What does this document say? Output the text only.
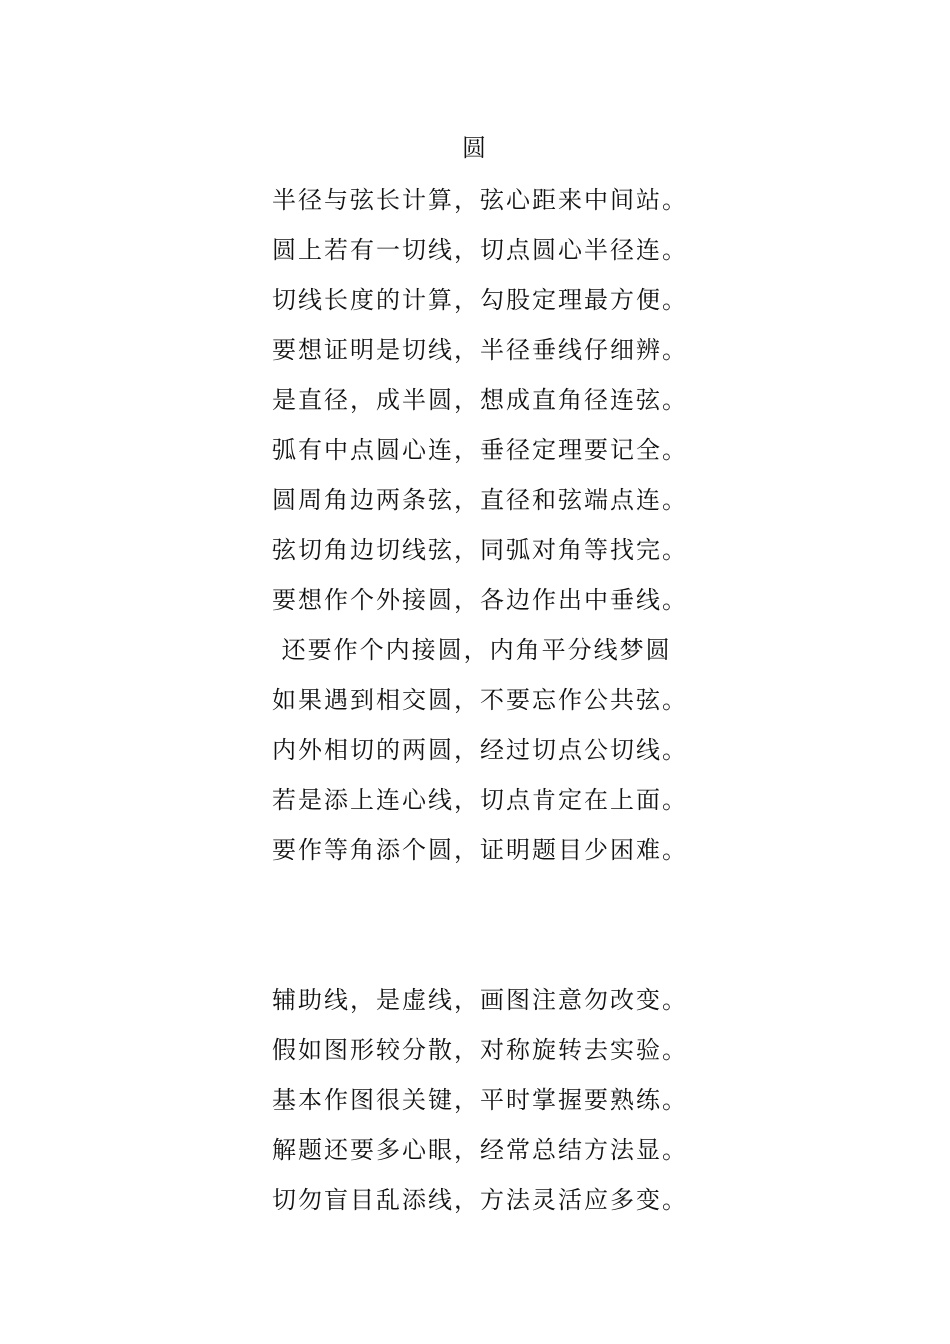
圆
半径与弦长计算，弦心距来中间站。
圆上若有一切线，切点圆心半径连。
切线长度的计算，勾股定理最方便。
要想证明是切线，半径垂线仔细辨。
是直径，成半圆，想成直角径连弦。
弧有中点圆心连，垂径定理要记全。
圆周角边两条弦，直径和弦端点连。
弦切角边切线弦，同弧对角等找完。
要想作个外接圆，各边作出中垂线。
还要作个内接圆，内角平分线梦圆
如果遇到相交圆，不要忘作公共弦。
内外相切的两圆，经过切点公切线。
若是添上连心线，切点肯定在上面。
要作等角添个圆，证明题目少困难。
辅助线，是虚线，画图注意勿改变。
假如图形较分散，对称旋转去实验。
基本作图很关键，平时掌握要熟练。
解题还要多心眼，经常总结方法显。
切勿盲目乱添线，方法灵活应多变。
